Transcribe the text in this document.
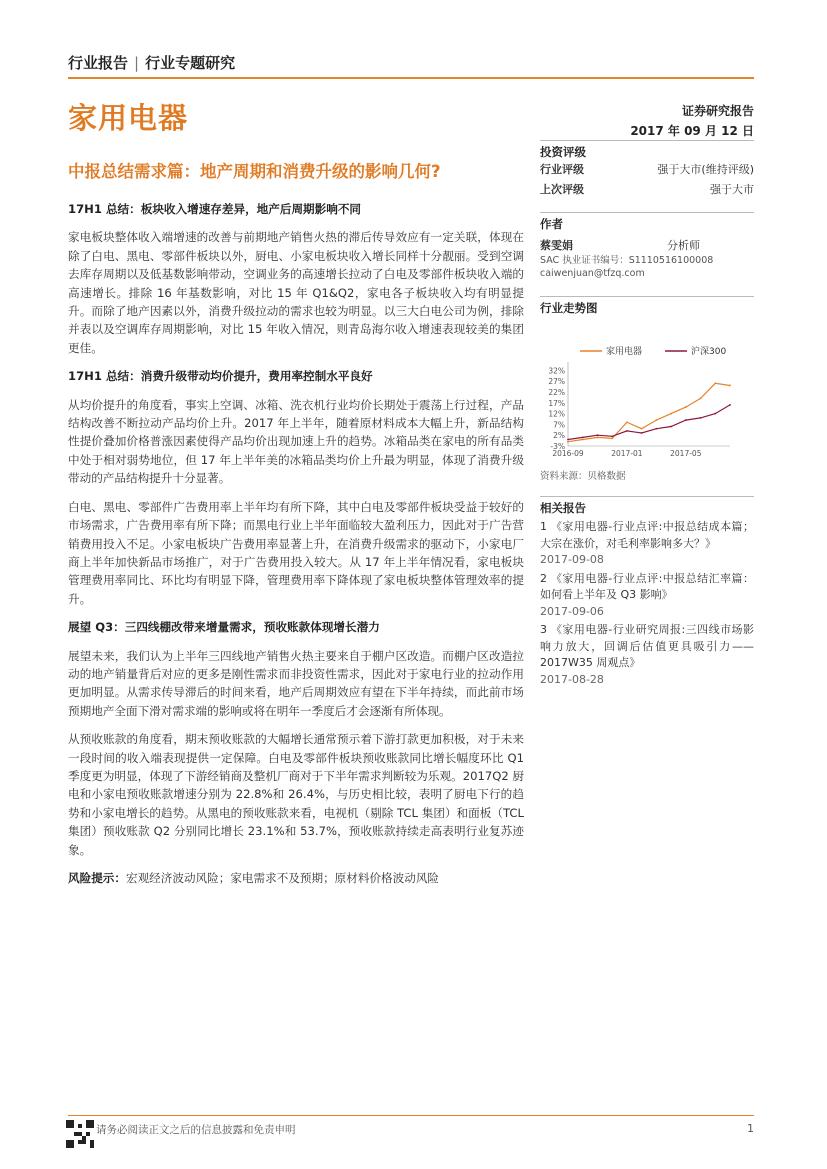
行业报告 | 行业专题研究
家用电器	证券研究报告
2017 年 09 月 12 日
中报总结需求篇：地产周期和消费升级的影响几何?
17H1 总结：板块收入增速存差异，地产后周期影响不同

家电板块整体收入端增速的改善与前期地产销售火热的滞后传导效应有一定关联，体现在除了白电、黑电、零部件板块以外，厨电、小家电板块收入增长同样十分靓丽。受到空调去库存周期以及低基数影响带动，空调业务的高速增长拉动了白电及零部件板块收入端的高速增长。排除 16 年基数影响，对比 15 年 Q1&Q2，家电各子板块收入均有明显提升。而除了地产因素以外，消费升级拉动的需求也较为明显。以三大白电公司为例，排除并表以及空调库存周期影响，对比 15 年收入情况，则青岛海尔收入增速表现较美的集团更佳。

17H1 总结：消费升级带动均价提升，费用率控制水平良好

从均价提升的角度看，事实上空调、冰箱、洗衣机行业均价长期处于震荡上行过程，产品结构改善不断拉动产品均价上升。2017 年上半年，随着原材料成本大幅上升，新品结构性提价叠加价格普涨因素使得产品均价出现加速上升的趋势。冰箱品类在家电的所有品类中处于相对弱势地位，但 17 年上半年美的冰箱品类均价上升最为明显，体现了消费升级带动的产品结构提升十分显著。

白电、黑电、零部件广告费用率上半年均有所下降，其中白电及零部件板块受益于较好的市场需求，广告费用率有所下降；而黑电行业上半年面临较大盈利压力，因此对于广告营销费用投入不足。小家电板块广告费用率显著上升，在消费升级需求的驱动下，小家电厂商上半年加快新品市场推广，对于广告费用投入较大。从 17 年上半年情况看，家电板块管理费用率同比、环比均有明显下降，管理费用率下降体现了家电板块整体管理效率的提升。

展望 Q3：三四线棚改带来增量需求，预收账款体现增长潜力

展望未来，我们认为上半年三四线地产销售火热主要来自于棚户区改造。而棚户区改造拉动的地产销量背后对应的更多是刚性需求而非投资性需求，因此对于家电行业的拉动作用更加明显。从需求传导滞后的时间来看，地产后周期效应有望在下半年持续，而此前市场预期地产全面下滑对需求端的影响或将在明年一季度后才会逐渐有所体现。

从预收账款的角度看，期末预收账款的大幅增长通常预示着下游打款更加积极，对于未来一段时间的收入端表现提供一定保障。白电及零部件板块预收账款同比增长幅度环比 Q1 季度更为明显，体现了下游经销商及整机厂商对于下半年需求判断较为乐观。2017Q2 厨电和小家电预收账款增速分别为 22.8%和 26.4%，与历史相比较，表明了厨电下行的趋势和小家电增长的趋势。从黑电的预收账款来看，电视机（剔除 TCL 集团）和面板（TCL 集团）预收账款 Q2 分别同比增长 23.1%和 53.7%，预收账款持续走高表明行业复苏迹象。

风险提示：宏观经济波动风险；家电需求不及预期；原材料价格波动风险

投资评级
行业评级	强于大市(维持评级)
上次评级	强于大市
作者
蔡雯娟	分析师
SAC 执业证书编号：S1110516100008
caiwenjuan@tfzq.com
行业走势图
家用电器	沪深300
32%
27%
22%
17%
12%
7%
2%
-3%
2016-09	2017-01	2017-05
资料来源：贝格数据
相关报告
1 《家用电器-行业点评:中报总结成本篇；大宗在涨价，对毛利率影响多大？》
2017-09-08
2 《家用电器-行业点评:中报总结汇率篇：如何看上半年及 Q3 影响》
2017-09-06
3 《家用电器-行业研究周报:三四线市场影响力放大，回调后估值更具吸引力——2017W35 周观点》
2017-08-28
请务必阅读正文之后的信息披露和免责申明	1
